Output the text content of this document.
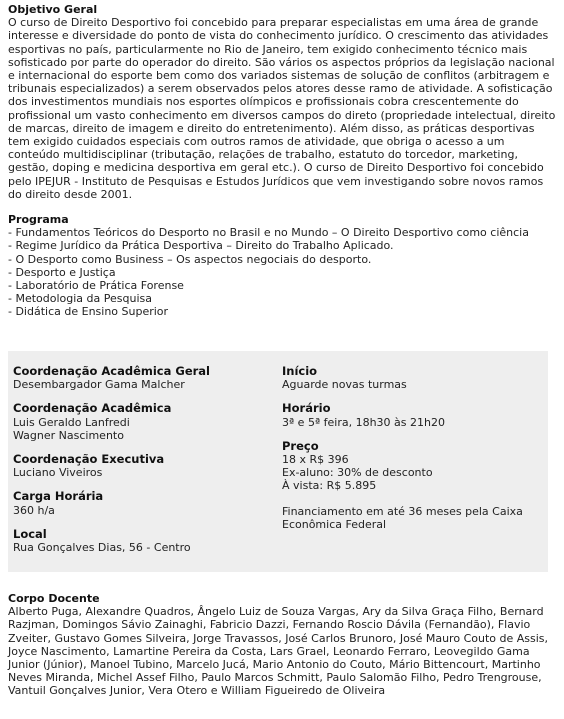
Objetivo Geral

O curso de Direito Desportivo foi concebido para preparar especialistas em uma área de grande interesse e diversidade do ponto de vista do conhecimento jurídico. O crescimento das atividades esportivas no país, particularmente no Rio de Janeiro, tem exigido conhecimento técnico mais sofisticado por parte do operador do direito. São vários os aspectos próprios da legislação nacional e internacional do esporte bem como dos variados sistemas de solução de conflitos (arbitragem e tribunais especializados) a serem observados pelos atores desse ramo de atividade. A sofisticação dos investimentos mundiais nos esportes olímpicos e profissionais cobra crescentemente do profissional um vasto conhecimento em diversos campos do direto (propriedade intelectual, direito de marcas, direito de imagem e direito do entretenimento). Além disso, as práticas desportivas tem exigido cuidados especiais com outros ramos de atividade, que obriga o acesso a um conteúdo multidisciplinar (tributação, relações de trabalho, estatuto do torcedor, marketing, gestão, doping e medicina desportiva em geral etc.). O curso de Direito Desportivo foi concebido pelo IPEJUR - Instituto de Pesquisas e Estudos Jurídicos que vem investigando sobre novos ramos do direito desde 2001.

Programa
- Fundamentos Teóricos do Desporto no Brasil e no Mundo – O Direito Desportivo como ciência
- Regime Jurídico da Prática Desportiva – Direito do Trabalho Aplicado.
- O Desporto como Business – Os aspectos negociais do desporto.
- Desporto e Justiça
- Laboratório de Prática Forense
- Metodologia da Pesquisa
- Didática de Ensino Superior
Coordenação Acadêmica Geral
Desembargador Gama Malcher
Coordenação Acadêmica
Luis Geraldo Lanfredi
Wagner Nascimento
Coordenação Executiva
Luciano Viveiros
Carga Horária
360 h/a
Local
Rua Gonçalves Dias, 56 - Centro
Início
Aguarde novas turmas
Horário
3ª e 5ª feira, 18h30 às 21h20
Preço
18 x R$ 396
Ex-aluno: 30% de desconto
À vista: R$ 5.895
Financiamento em até 36 meses pela Caixa
Econômica Federal
Corpo Docente

Alberto Puga, Alexandre Quadros, Ângelo Luiz de Souza Vargas, Ary da Silva Graça Filho, Bernard Razjman, Domingos Sávio Zainaghi, Fabricio Dazzi, Fernando Roscio Dávila (Fernandão), Flavio Zveiter, Gustavo Gomes Silveira, Jorge Travassos, José Carlos Brunoro, José Mauro Couto de Assis, Joyce Nascimento, Lamartine Pereira da Costa, Lars Grael, Leonardo Ferraro, Leovegildo Gama Junior (Júnior), Manoel Tubino, Marcelo Jucá, Mario Antonio do Couto, Mário Bittencourt, Martinho Neves Miranda, Michel Assef Filho, Paulo Marcos Schmitt, Paulo Salomão Filho, Pedro Trengrouse, Vantuil Gonçalves Junior, Vera Otero e William Figueiredo de Oliveira
